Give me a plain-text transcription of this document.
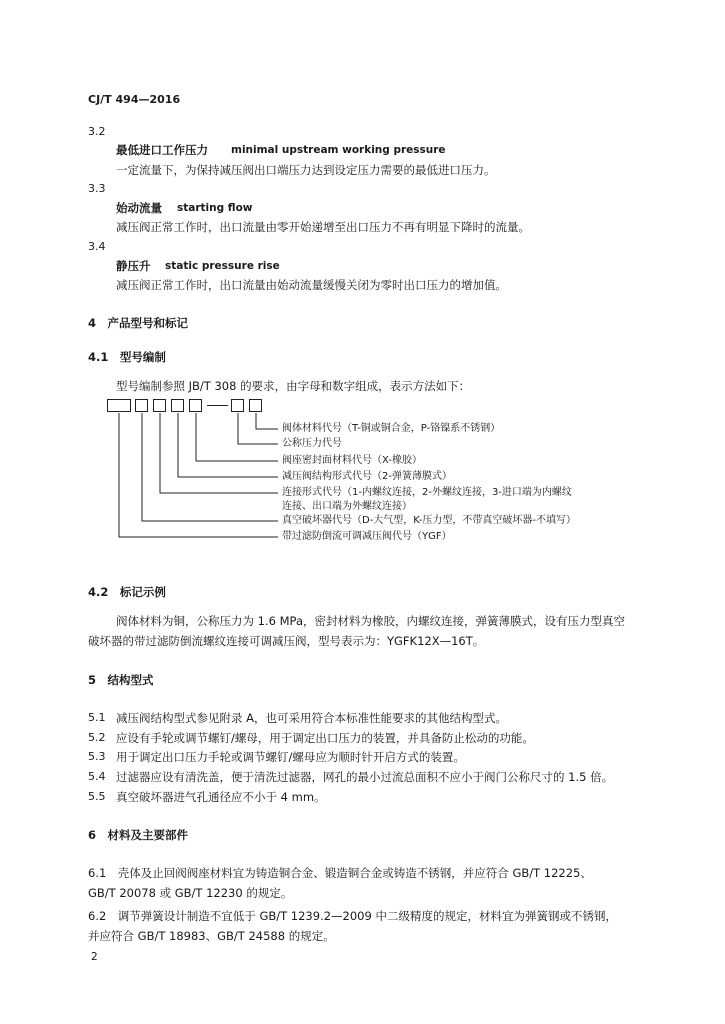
CJ/T 494—2016
3.2
最低进口工作压力 minimal upstream working pressure
一定流量下，为保持减压阀出口端压力达到设定压力需要的最低进口压力。
3.3
始动流量 starting flow
减压阀正常工作时，出口流量由零开始递增至出口压力不再有明显下降时的流量。
3.4
静压升 static pressure rise
减压阀正常工作时，出口流量由始动流量缓慢关闭为零时出口压力的增加值。
4　产品型号和标记
4.1　型号编制
型号编制参照 JB/T 308 的要求，由字母和数字组成，表示方法如下：
阀体材料代号（T-铜或铜合金，P-铬镍系不锈钢）
公称压力代号
阀座密封面材料代号（X-橡胶）
减压阀结构形式代号（2-弹簧薄膜式）
连接形式代号（1-内螺纹连接，2-外螺纹连接，3-进口端为内螺纹
连接、出口端为外螺纹连接）
真空破坏器代号（D-大气型，K-压力型，不带真空破坏器-不填写）
带过滤防倒流可调减压阀代号（YGF）
4.2　标记示例
阀体材料为铜，公称压力为 1.6 MPa，密封材料为橡胶，内螺纹连接，弹簧薄膜式，设有压力型真空
破坏器的带过滤防倒流螺纹连接可调减压阀，型号表示为：YGFK12X—16T。
5　结构型式
5.1 减压阀结构型式参见附录 A，也可采用符合本标准性能要求的其他结构型式。
5.2 应设有手轮或调节螺钉/螺母，用于调定出口压力的装置，并具备防止松动的功能。
5.3 用于调定出口压力手轮或调节螺钉/螺母应为顺时针开启方式的装置。
5.4 过滤器应设有清洗盖，便于清洗过滤器，网孔的最小过流总面积不应小于阀门公称尺寸的 1.5 倍。
5.5 真空破坏器进气孔通径应不小于 4 mm。
6　材料及主要部件
6.1　壳体及止回阀阀座材料宜为铸造铜合金、锻造铜合金或铸造不锈钢，并应符合 GB/T 12225、
GB/T 20078 或 GB/T 12230 的规定。
6.2　调节弹簧设计制造不宜低于 GB/T 1239.2—2009 中二级精度的规定，材料宜为弹簧钢或不锈钢，
并应符合 GB/T 18983、GB/T 24588 的规定。
2
